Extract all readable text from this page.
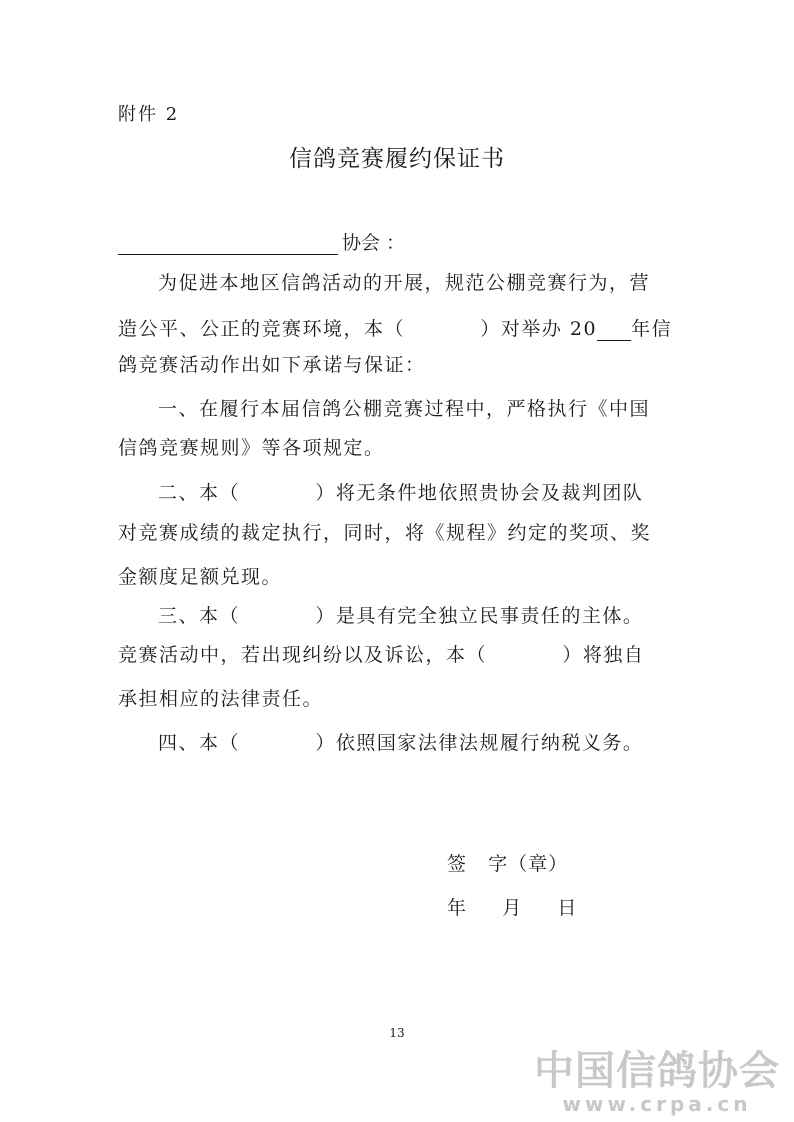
附件 2
信鸽竞赛履约保证书
协会 ：
为促进本地区信鸽活动的开展，规范公棚竞赛行为，营
造公平、公正的竞赛环境，本（          ）对举办 20 年信
鸽竞赛活动作出如下承诺与保证：
一、在履行本届信鸽公棚竞赛过程中，严格执行《中国
信鸽竞赛规则》等各项规定。
二、本（          ）将无条件地依照贵协会及裁判团队
对竞赛成绩的裁定执行，同时，将《规程》约定的奖项、奖
金额度足额兑现。
三、本（          ）是具有完全独立民事责任的主体。
竞赛活动中，若出现纠纷以及诉讼，本（          ）将独自
承担相应的法律责任。
四、本（          ）依照国家法律法规履行纳税义务。
签   字（章）
年     月     日
13
中国信鸽协会
www.crpa.cn
